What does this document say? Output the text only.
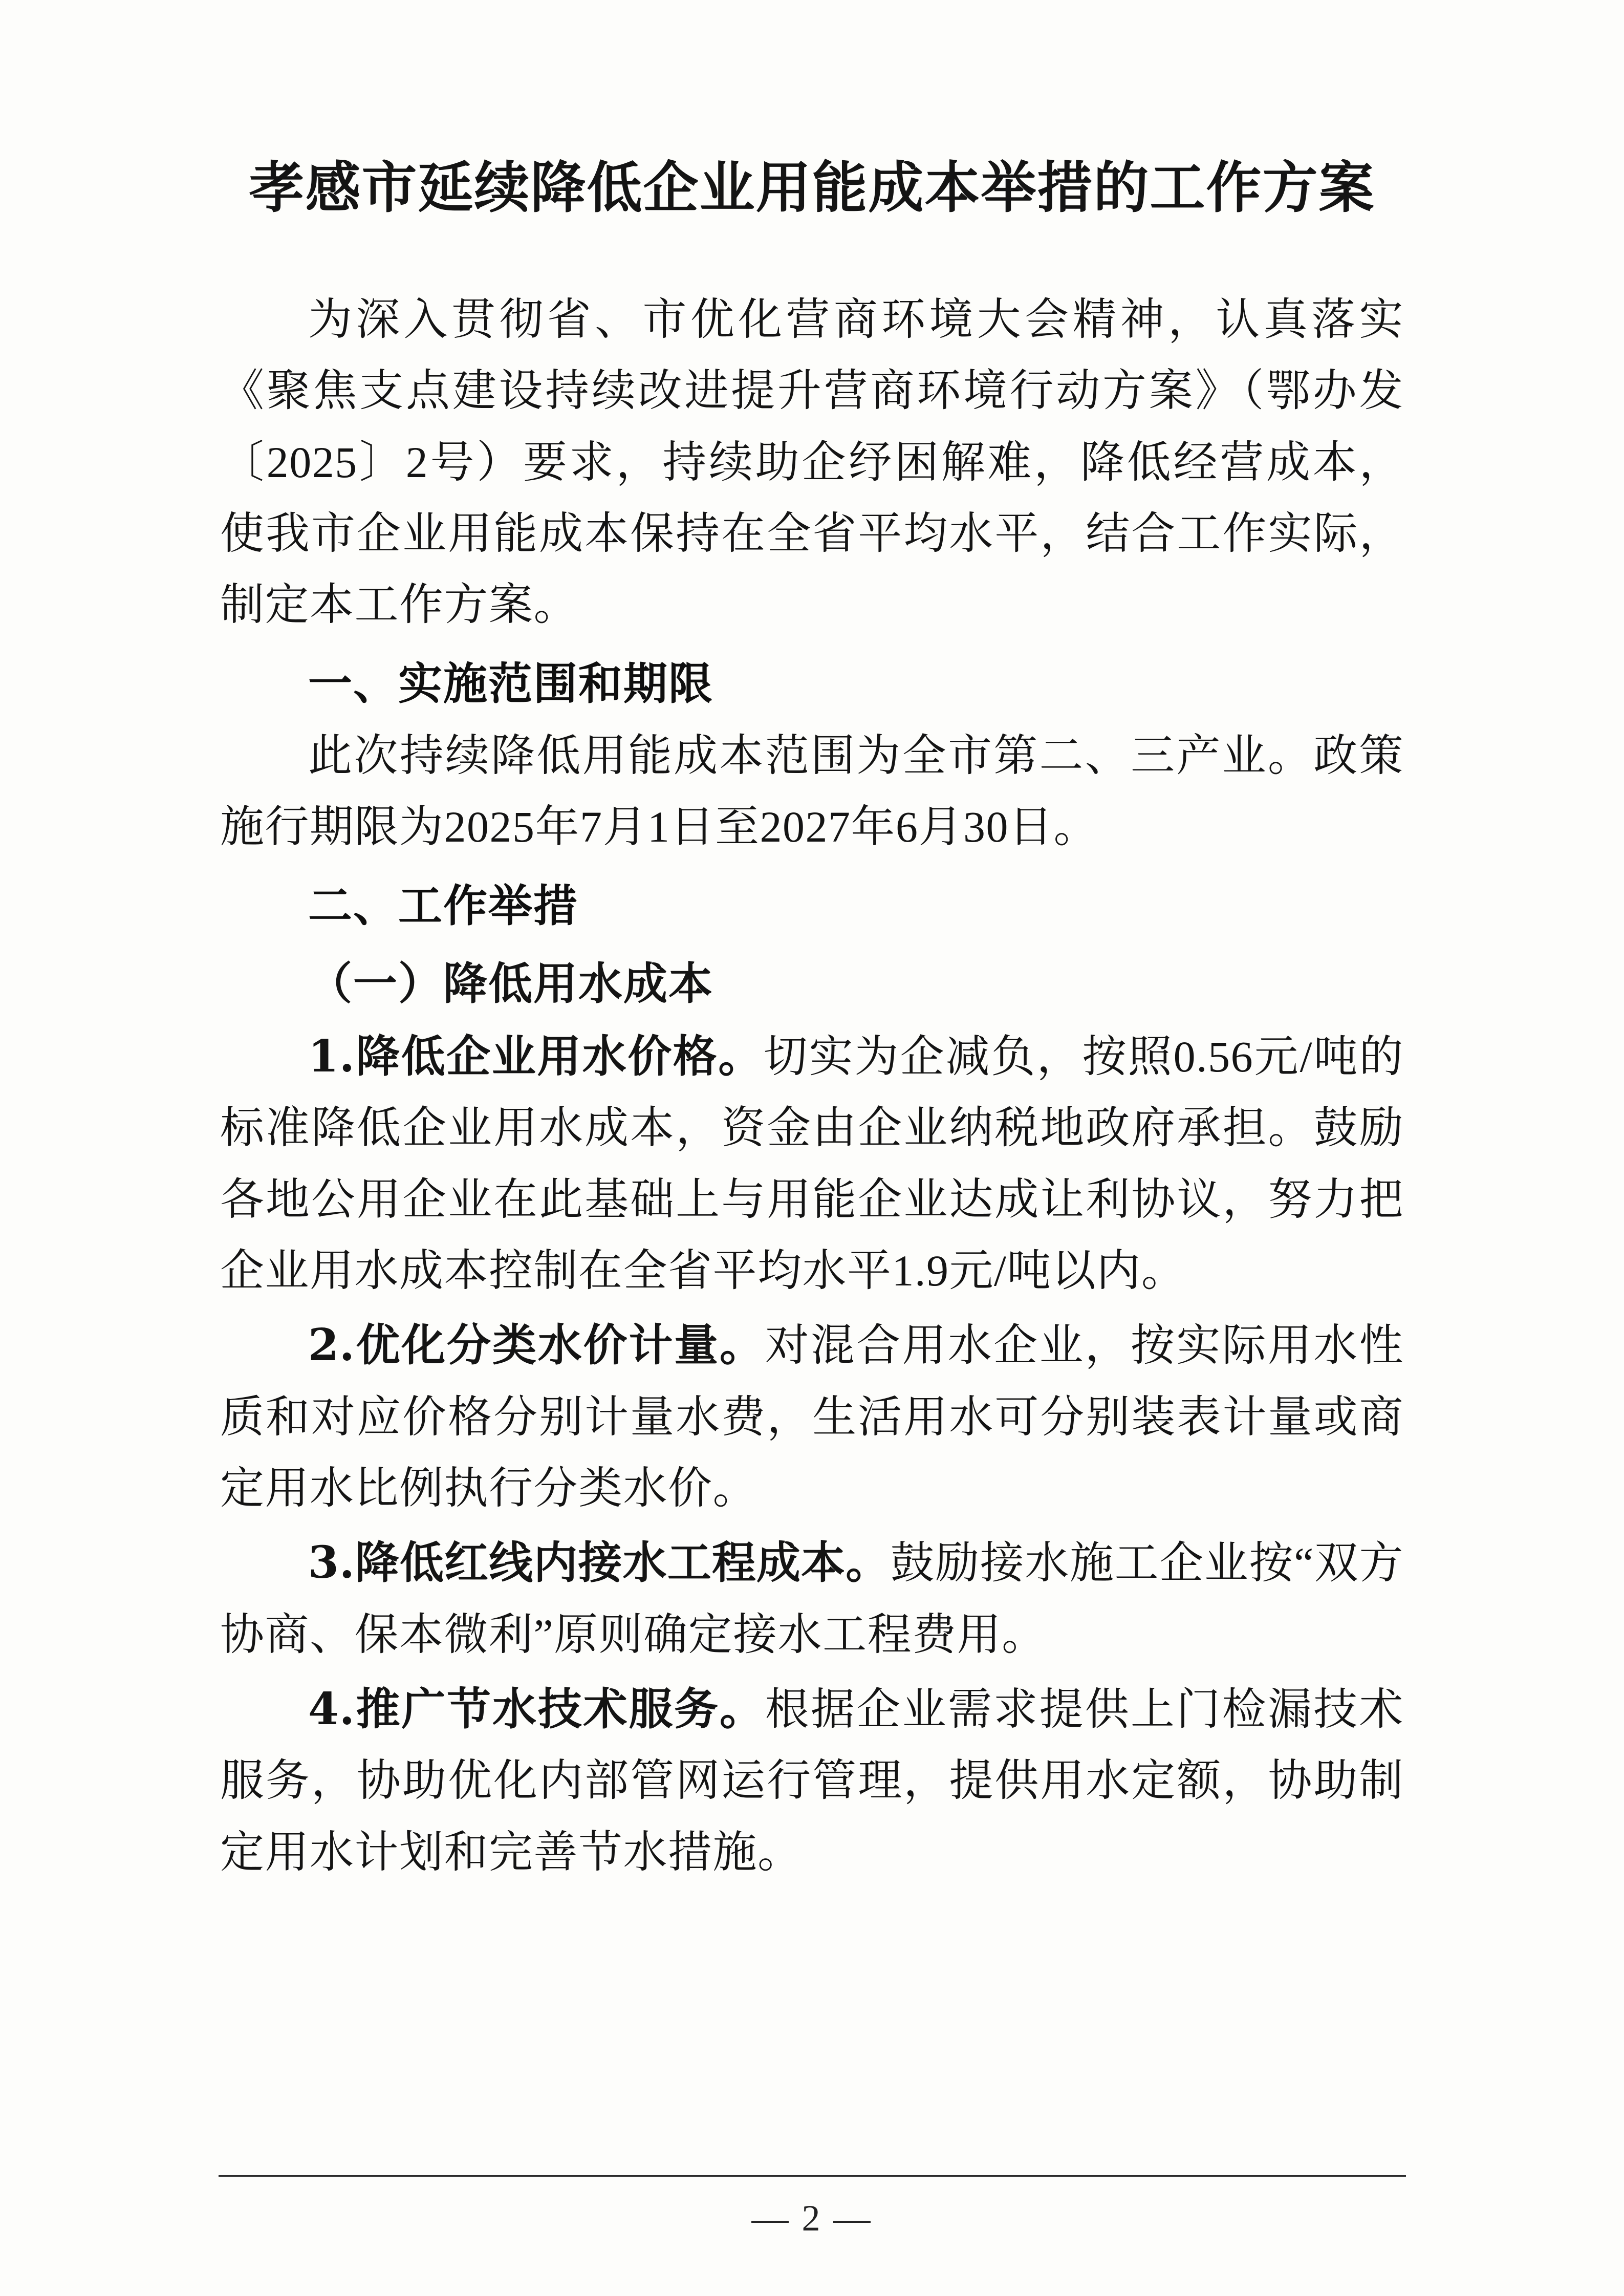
孝感市延续降低企业用能成本举措的工作方案

为深入贯彻省、市优化营商环境大会精神，认真落实《聚焦支点建设持续改进提升营商环境行动方案》（鄂办发〔2025〕2号）要求，持续助企纾困解难，降低经营成本，使我市企业用能成本保持在全省平均水平，结合工作实际，制定本工作方案。

一、实施范围和期限

此次持续降低用能成本范围为全市第二、三产业。政策施行期限为2025年7月1日至2027年6月30日。

二、工作举措
（一）降低用水成本

1.降低企业用水价格。切实为企减负，按照0.56元/吨的标准降低企业用水成本，资金由企业纳税地政府承担。鼓励各地公用企业在此基础上与用能企业达成让利协议，努力把企业用水成本控制在全省平均水平1.9元/吨以内。

2.优化分类水价计量。对混合用水企业，按实际用水性质和对应价格分别计量水费，生活用水可分别装表计量或商定用水比例执行分类水价。

3.降低红线内接水工程成本。鼓励接水施工企业按“双方协商、保本微利”原则确定接水工程费用。

4.推广节水技术服务。根据企业需求提供上门检漏技术服务，协助优化内部管网运行管理，提供用水定额，协助制定用水计划和完善节水措施。

— 2 —
